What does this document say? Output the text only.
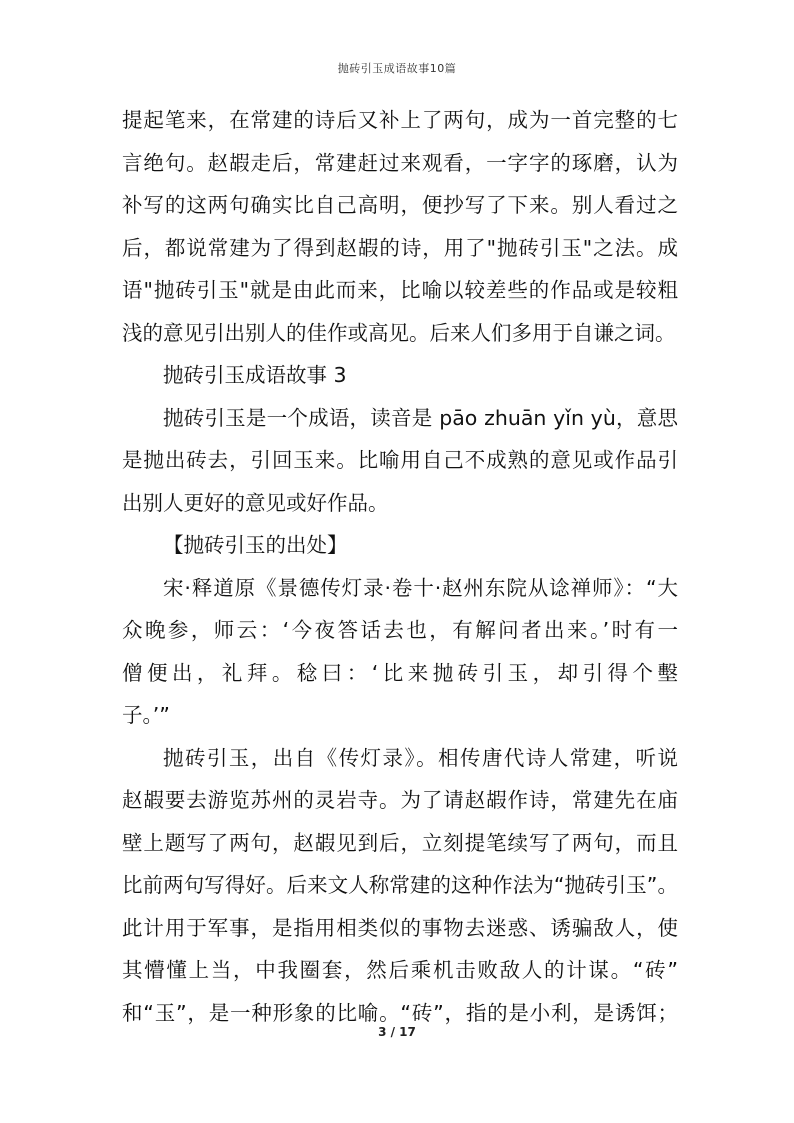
抛砖引玉成语故事10篇
提起笔来，在常建的诗后又补上了两句，成为一首完整的七
言绝句。赵嘏走后，常建赶过来观看，一字字的琢磨，认为
补写的这两句确实比自己高明，便抄写了下来。别人看过之
后，都说常建为了得到赵嘏的诗，用了"抛砖引玉"之法。成
语"抛砖引玉"就是由此而来，比喻以较差些的作品或是较粗
浅的意见引出别人的佳作或高见。后来人们多用于自谦之词。
抛砖引玉成语故事 3
抛砖引玉是一个成语，读音是 pāo zhuān yǐn yù，意思
是抛出砖去，引回玉来。比喻用自己不成熟的意见或作品引
出别人更好的意见或好作品。
【抛砖引玉的出处】
宋·释道原《景德传灯录·卷十·赵州东院从谂禅师》：“大
众晚参，师云：‘今夜答话去也，有解问者出来。’时有一
僧便出，礼拜。稔曰：‘比来抛砖引玉，却引得个墼
子。’”
抛砖引玉，出自《传灯录》。相传唐代诗人常建，听说
赵嘏要去游览苏州的灵岩寺。为了请赵嘏作诗，常建先在庙
壁上题写了两句，赵嘏见到后，立刻提笔续写了两句，而且
比前两句写得好。后来文人称常建的这种作法为“抛砖引玉”。
此计用于军事，是指用相类似的事物去迷惑、诱骗敌人，使
其懵懂上当，中我圈套，然后乘机击败敌人的计谋。“砖”
和“玉”，是一种形象的比喻。“砖”，指的是小利，是诱饵；
3 / 17
